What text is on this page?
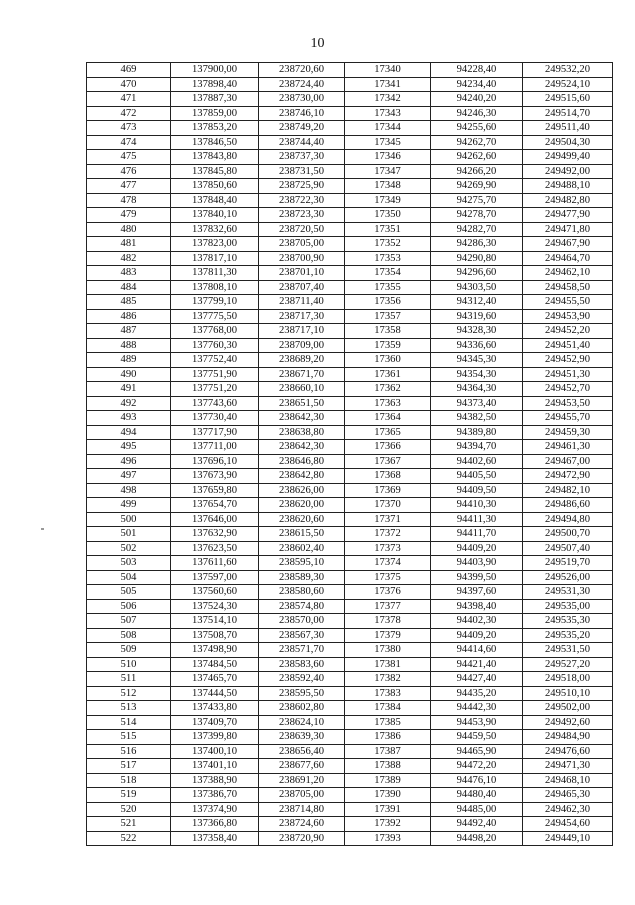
10
469	137900,00	238720,60	17340	94228,40	249532,20
470	137898,40	238724,40	17341	94234,40	249524,10
471	137887,30	238730,00	17342	94240,20	249515,60
472	137859,00	238746,10	17343	94246,30	249514,70
473	137853,20	238749,20	17344	94255,60	249511,40
474	137846,50	238744,40	17345	94262,70	249504,30
475	137843,80	238737,30	17346	94262,60	249499,40
476	137845,80	238731,50	17347	94266,20	249492,00
477	137850,60	238725,90	17348	94269,90	249488,10
478	137848,40	238722,30	17349	94275,70	249482,80
479	137840,10	238723,30	17350	94278,70	249477,90
480	137832,60	238720,50	17351	94282,70	249471,80
481	137823,00	238705,00	17352	94286,30	249467,90
482	137817,10	238700,90	17353	94290,80	249464,70
483	137811,30	238701,10	17354	94296,60	249462,10
484	137808,10	238707,40	17355	94303,50	249458,50
485	137799,10	238711,40	17356	94312,40	249455,50
486	137775,50	238717,30	17357	94319,60	249453,90
487	137768,00	238717,10	17358	94328,30	249452,20
488	137760,30	238709,00	17359	94336,60	249451,40
489	137752,40	238689,20	17360	94345,30	249452,90
490	137751,90	238671,70	17361	94354,30	249451,30
491	137751,20	238660,10	17362	94364,30	249452,70
492	137743,60	238651,50	17363	94373,40	249453,50
493	137730,40	238642,30	17364	94382,50	249455,70
494	137717,90	238638,80	17365	94389,80	249459,30
495	137711,00	238642,30	17366	94394,70	249461,30
496	137696,10	238646,80	17367	94402,60	249467,00
497	137673,90	238642,80	17368	94405,50	249472,90
498	137659,80	238626,00	17369	94409,50	249482,10
499	137654,70	238620,00	17370	94410,30	249486,60
500	137646,00	238620,60	17371	94411,30	249494,80
501	137632,90	238615,50	17372	94411,70	249500,70
502	137623,50	238602,40	17373	94409,20	249507,40
503	137611,60	238595,10	17374	94403,90	249519,70
504	137597,00	238589,30	17375	94399,50	249526,00
505	137560,60	238580,60	17376	94397,60	249531,30
506	137524,30	238574,80	17377	94398,40	249535,00
507	137514,10	238570,00	17378	94402,30	249535,30
508	137508,70	238567,30	17379	94409,20	249535,20
509	137498,90	238571,70	17380	94414,60	249531,50
510	137484,50	238583,60	17381	94421,40	249527,20
511	137465,70	238592,40	17382	94427,40	249518,00
512	137444,50	238595,50	17383	94435,20	249510,10
513	137433,80	238602,80	17384	94442,30	249502,00
514	137409,70	238624,10	17385	94453,90	249492,60
515	137399,80	238639,30	17386	94459,50	249484,90
516	137400,10	238656,40	17387	94465,90	249476,60
517	137401,10	238677,60	17388	94472,20	249471,30
518	137388,90	238691,20	17389	94476,10	249468,10
519	137386,70	238705,00	17390	94480,40	249465,30
520	137374,90	238714,80	17391	94485,00	249462,30
521	137366,80	238724,60	17392	94492,40	249454,60
522	137358,40	238720,90	17393	94498,20	249449,10
